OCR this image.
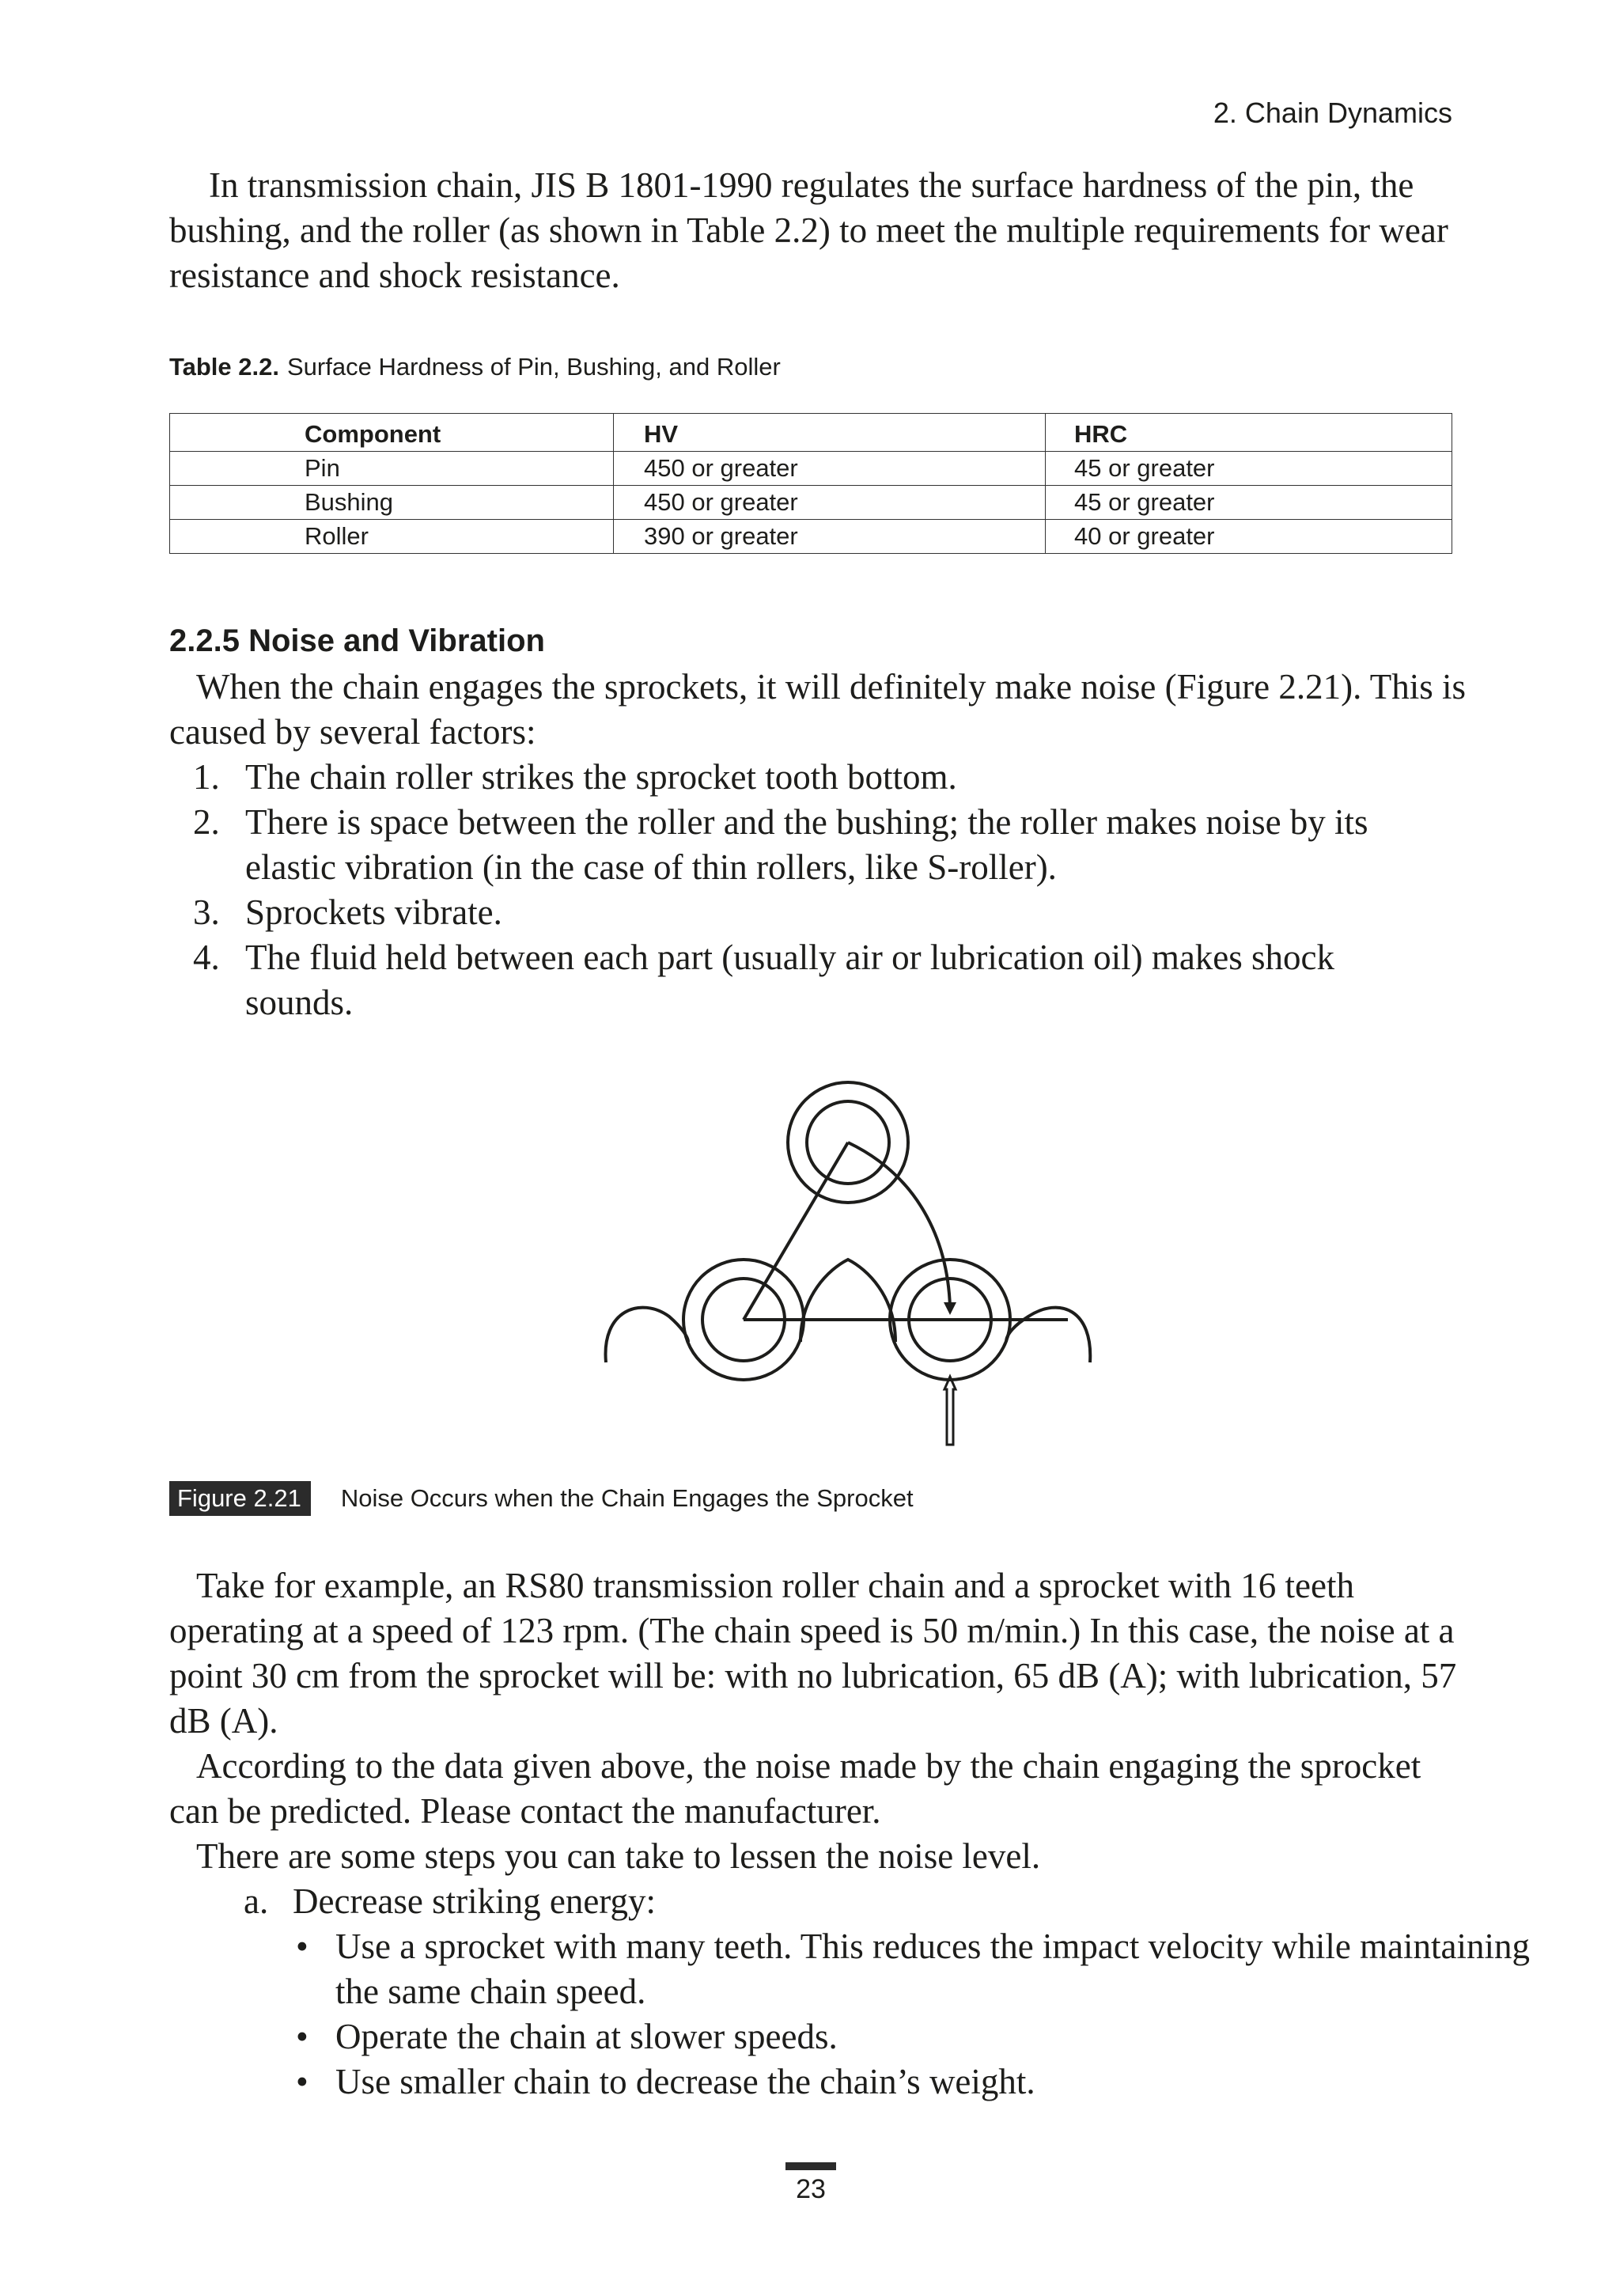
2. Chain Dynamics

In transmission chain, JIS B 1801-1990 regulates the surface hardness of the pin, the bushing, and the roller (as shown in Table 2.2) to meet the multiple requirements for wear resistance and shock resistance.

Table 2.2. Surface Hardness of Pin, Bushing, and Roller
Component	HV	HRC
Pin	450 or greater	45 or greater
Bushing	450 or greater	45 or greater
Roller	390 or greater	40 or greater
2.2.5 Noise and Vibration
When the chain engages the sprockets, it will definitely make noise (Figure 2.21). This is caused by several factors:
1. The chain roller strikes the sprocket tooth bottom.
2. There is space between the roller and the bushing; the roller makes noise by its elastic vibration (in the case of thin rollers, like S-roller).
3. Sprockets vibrate.
4. The fluid held between each part (usually air or lubrication oil) makes shock sounds.
Figure 2.21	Noise Occurs when the Chain Engages the Sprocket
Take for example, an RS80 transmission roller chain and a sprocket with 16 teeth operating at a speed of 123 rpm. (The chain speed is 50 m/min.) In this case, the noise at a point 30 cm from the sprocket will be: with no lubrication, 65 dB (A); with lubrication, 57 dB (A).
According to the data given above, the noise made by the chain engaging the sprocket can be predicted. Please contact the manufacturer.
There are some steps you can take to lessen the noise level.
a. Decrease striking energy:
• Use a sprocket with many teeth. This reduces the impact velocity while maintaining the same chain speed.
• Operate the chain at slower speeds.
• Use smaller chain to decrease the chain’s weight.
23
